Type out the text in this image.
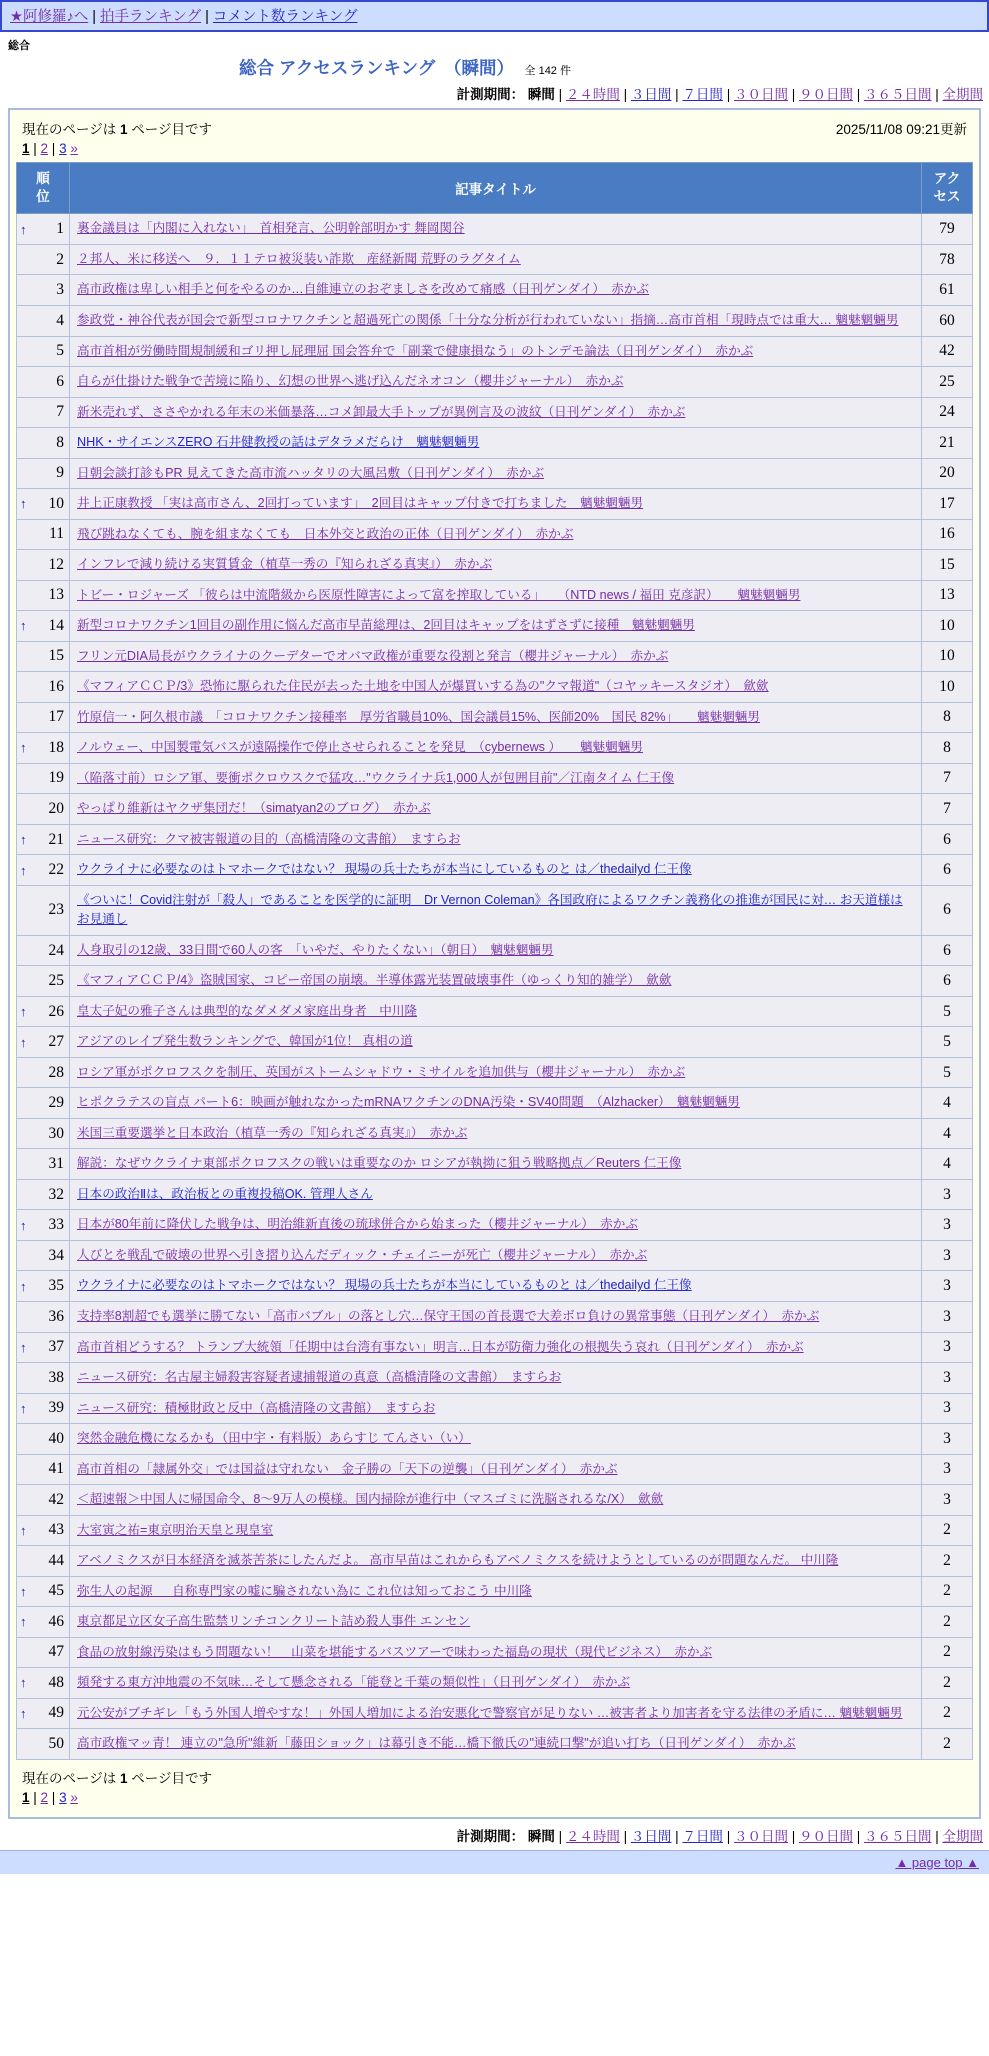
★阿修羅♪へ | 拍手ランキング | コメント数ランキング
総合
総合 アクセスランキング　（瞬間） 全 142 件
計測期間： 瞬間 | ２４時間 | ３日間 | ７日間 | ３０日間 | ９０日間 | ３６５日間 | 全期間
2025/11/08 09:21更新
現在のページは 1 ページ目です
1 | 2 | 3 »
順位	記事タイトル	アクセス

↑ 1	裏金議員は「内閣に入れない」　首相発言、公明幹部明かす 舞岡関谷	79

2	２邦人、米に移送へ　９．１１テロ被災装い詐欺　産経新聞 荒野のラグタイム	78

3	高市政権は卑しい相手と何をやるのか…自維連立のおぞましさを改めて痛感（日刊ゲンダイ）　赤かぶ	61

4	参政党・神谷代表が国会で新型コロナワクチンと超過死亡の関係「十分な分析が行われていない」指摘…高市首相「現時点では重大… 魑魅魍魎男	60

5	高市首相が労働時間規制緩和ゴリ押し屁理屈 国会答弁で「副業で健康損なう」のトンデモ論法（日刊ゲンダイ）　赤かぶ	42

6	自らが仕掛けた戦争で苦境に陥り、幻想の世界へ逃げ込んだネオコン（櫻井ジャーナル）　赤かぶ	25

7	新米売れず、ささやかれる年末の米価暴落…コメ卸最大手トップが異例言及の波紋（日刊ゲンダイ）　赤かぶ	24

8	NHK・サイエンスZERO 石井健教授の話はデタラメだらけ　魑魅魍魎男	21

9	日朝会談打診もPR 見えてきた高市流ハッタリの大風呂敷（日刊ゲンダイ）　赤かぶ	20

↑ 10	井上正康教授 「実は高市さん、2回打っています」　2回目はキャップ付きで打ちました　魑魅魍魎男	17

11	飛び跳ねなくても、腕を組まなくても　日本外交と政治の正体（日刊ゲンダイ）　赤かぶ	16

12	インフレで減り続ける実質賃金（植草一秀の『知られざる真実』）　赤かぶ	15

13	トビー・ロジャーズ 「彼らは中流階級から医原性障害によって富を搾取している」　　（NTD news / 福田 克彦訳）　　魑魅魍魎男	13

↑ 14	新型コロナワクチン1回目の副作用に悩んだ高市早苗総理は、2回目はキャップをはずさずに接種　魑魅魍魎男	10

15	フリン元DIA局長がウクライナのクーデターでオバマ政権が重要な役割と発言（櫻井ジャーナル）　赤かぶ	10

16	《マフィアＣＣＰ/3》恐怖に駆られた住民が去った土地を中国人が爆買いする為の"クマ報道"（コヤッキースタジオ）　歛歛	10

17	竹原信一・阿久根市議　「コロナワクチン接種率　厚労省職員10%、国会議員15%、医師20%　国民 82%」　　魑魅魍魎男	8

↑ 18	ノルウェー、中国製電気バスが遠隔操作で停止させられることを発見　（cybernews ）　　魑魅魍魎男	8

19	（陥落寸前）ロシア軍、要衝ポクロウスクで猛攻…"ウクライナ兵1,000人が包囲目前"／江南タイム 仁王像	7

20	やっぱり維新はヤクザ集団だ！（simatyan2のブログ）　赤かぶ	7

↑ 21	ニュース研究：クマ被害報道の目的（高橋清隆の文書館）　ますらお	6

↑ 22	ウクライナに必要なのはトマホークではない？ 現場の兵士たちが本当にしているものと は／thedailyd 仁王像	6

23	《ついに！Covid注射が「殺人」であることを医学的に証明　Dr Vernon Coleman》各国政府によるワクチン義務化の推進が国民に対… お天道様はお見通し	6

24	人身取引の12歳、33日間で60人の客　「いやだ、やりたくない」（朝日）　魑魅魍魎男	6

25	《マフィアＣＣＰ/4》盗賊国家、コピー帝国の崩壊。半導体露光装置破壊事件（ゆっくり知的雑学）　歛歛	6

↑ 26	皇太子妃の雅子さんは典型的なダメダメ家庭出身者　中川隆	5

↑ 27	アジアのレイプ発生数ランキングで、韓国が1位！ 真相の道	5

28	ロシア軍がポクロフスクを制圧、英国がストームシャドウ・ミサイルを追加供与（櫻井ジャーナル）　赤かぶ	5

29	ヒポクラテスの盲点 パート6：映画が触れなかったmRNAワクチンのDNA汚染・SV40問題　（Alzhacker）　魑魅魍魎男	4

30	米国三重要選挙と日本政治（植草一秀の『知られざる真実』）　赤かぶ	4

31	解説：なぜウクライナ東部ポクロフスクの戦いは重要なのか ロシアが執拗に狙う戦略拠点／Reuters 仁王像	4

32	日本の政治Ⅱは、政治板との重複投稿OK. 管理人さん	3

↑ 33	日本が80年前に降伏した戦争は、明治維新直後の琉球併合から始まった（櫻井ジャーナル）　赤かぶ	3

34	人びとを戦乱で破壊の世界へ引き摺り込んだディック・チェイニーが死亡（櫻井ジャーナル）　赤かぶ	3

↑ 35	ウクライナに必要なのはトマホークではない？ 現場の兵士たちが本当にしているものと は／thedailyd 仁王像	3

36	支持率8割超でも選挙に勝てない「高市バブル」の落とし穴…保守王国の首長選で大差ボロ負けの異常事態（日刊ゲンダイ）　赤かぶ	3

↑ 37	高市首相どうする？ トランプ大統領「任期中は台湾有事ない」明言…日本が防衛力強化の根拠失う哀れ（日刊ゲンダイ）　赤かぶ	3

38	ニュース研究：名古屋主婦殺害容疑者逮捕報道の真意（高橋清隆の文書館）　ますらお	3

↑ 39	ニュース研究：積極財政と反中（高橋清隆の文書館）　ますらお	3

40	突然金融危機になるかも（田中宇・有料版）あらすじ てんさい（い）	3

41	高市首相の「隷属外交」では国益は守れない　金子勝の「天下の逆襲」（日刊ゲンダイ）　赤かぶ	3

42	＜超速報＞中国人に帰国命令、8～9万人の模様。国内掃除が進行中（マスゴミに洗脳されるな/X）　歛歛	3

↑ 43	大室寅之祐=東京明治天皇と現皇室	2

44	アベノミクスが日本経済を滅茶苦茶にしたんだよ。 高市早苗はこれからもアベノミクスを続けようとしているのが問題なんだ。 中川隆	2

↑ 45	弥生人の起源 ＿ 自称専門家の嘘に騙されない為に これ位は知っておこう 中川隆	2

↑ 46	東京都足立区女子高生監禁リンチコンクリート詰め殺人事件 エンセン	2

47	食品の放射線汚染はもう問題ない！　山菜を堪能するバスツアーで味わった福島の現状（現代ビジネス）　赤かぶ	2

↑ 48	頻発する東方沖地震の不気味…そして懸念される「能登と千葉の類似性」（日刊ゲンダイ）　赤かぶ	2

↑ 49	元公安がブチギレ「もう外国人増やすな！」外国人増加による治安悪化で警察官が足りない …被害者より加害者を守る法律の矛盾に… 魑魅魍魎男	2

50	高市政権マッ青！ 連立の"急所"維新「藤田ショック」は幕引き不能…橋下徹氏の"連続口撃"が追い打ち（日刊ゲンダイ）　赤かぶ	2
現在のページは 1 ページ目です
1 | 2 | 3 »
計測期間： 瞬間 | ２４時間 | ３日間 | ７日間 | ３０日間 | ９０日間 | ３６５日間 | 全期間
▲ page top ▲
